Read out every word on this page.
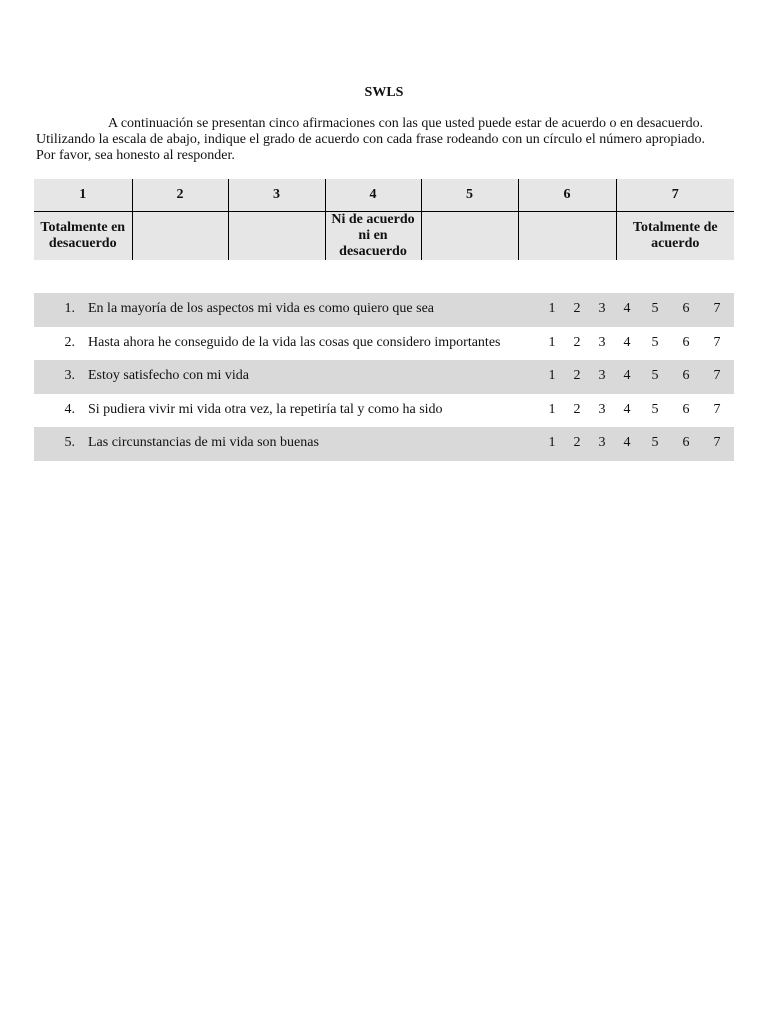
SWLS
A continuación se presentan cinco afirmaciones con las que usted puede estar de acuerdo o en desacuerdo. Utilizando la escala de abajo, indique el grado de acuerdo con cada frase rodeando con un círculo el número apropiado. Por favor, sea honesto al responder.
1	2	3	4	5	6	7
Totalmente en desacuerdo			Ni de acuerdo ni en desacuerdo			Totalmente de acuerdo
1. En la mayoría de los aspectos mi vida es como quiero que sea	1 2 3 4 5 6 7
2. Hasta ahora he conseguido de la vida las cosas que considero importantes	1 2 3 4 5 6 7
3. Estoy satisfecho con mi vida	1 2 3 4 5 6 7
4. Si pudiera vivir mi vida otra vez, la repetiría tal y como ha sido	1 2 3 4 5 6 7
5. Las circunstancias de mi vida son buenas	1 2 3 4 5 6 7
